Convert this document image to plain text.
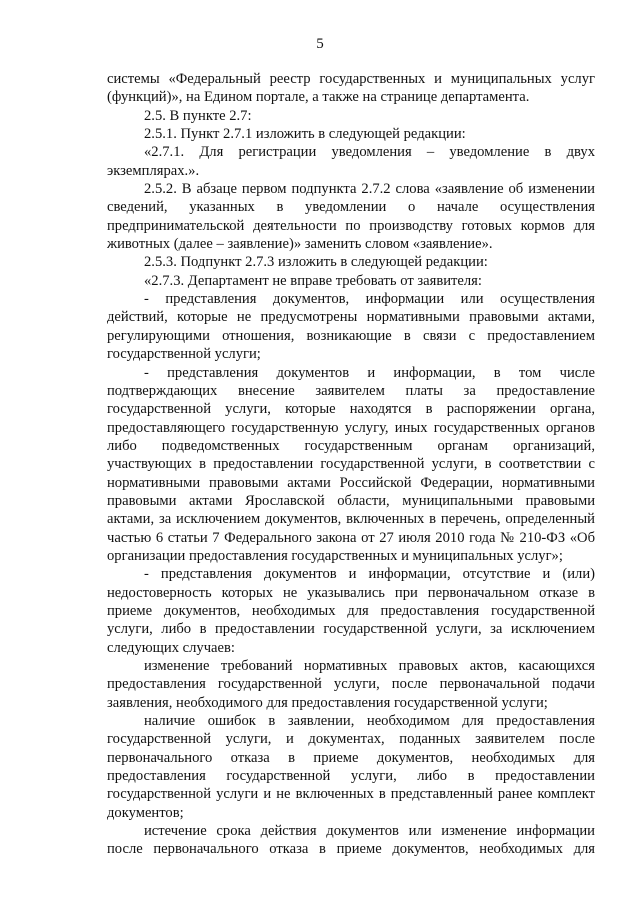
5

системы «Федеральный реестр государственных и муниципальных услуг (функций)», на Едином портале, а также на странице департамента.

2.5. В пункте 2.7:

2.5.1. Пункт 2.7.1 изложить в следующей редакции:

«2.7.1. Для регистрации уведомления – уведомление в двух экземплярах.».

2.5.2. В абзаце первом подпункта 2.7.2 слова «заявление об изменении сведений, указанных в уведомлении о начале осуществления предпринимательской деятельности по производству готовых кормов для животных (далее – заявление)» заменить словом «заявление».

2.5.3. Подпункт 2.7.3 изложить в следующей редакции:

«2.7.3. Департамент не вправе требовать от заявителя:

- представления документов, информации или осуществления действий, которые не предусмотрены нормативными правовыми актами, регулирующими отношения, возникающие в связи с предоставлением государственной услуги;

- представления документов и информации, в том числе подтверждающих внесение заявителем платы за предоставление государственной услуги, которые находятся в распоряжении органа, предоставляющего государственную услугу, иных государственных органов либо подведомственных государственным органам организаций, участвующих в предоставлении государственной услуги, в соответствии с нормативными правовыми актами Российской Федерации, нормативными правовыми актами Ярославской области, муниципальными правовыми актами, за исключением документов, включенных в перечень, определенный частью 6 статьи 7 Федерального закона от 27 июля 2010 года № 210-ФЗ «Об организации предоставления государственных и муниципальных услуг»;

- представления документов и информации, отсутствие и (или) недостоверность которых не указывались при первоначальном отказе в приеме документов, необходимых для предоставления государственной услуги, либо в предоставлении государственной услуги, за исключением следующих случаев:

изменение требований нормативных правовых актов, касающихся предоставления государственной услуги, после первоначальной подачи заявления, необходимого для предоставления государственной услуги;

наличие ошибок в заявлении, необходимом для предоставления государственной услуги, и документах, поданных заявителем после первоначального отказа в приеме документов, необходимых для предоставления государственной услуги, либо в предоставлении государственной услуги и не включенных в представленный ранее комплект документов;

истечение срока действия документов или изменение информации после первоначального отказа в приеме документов, необходимых для
